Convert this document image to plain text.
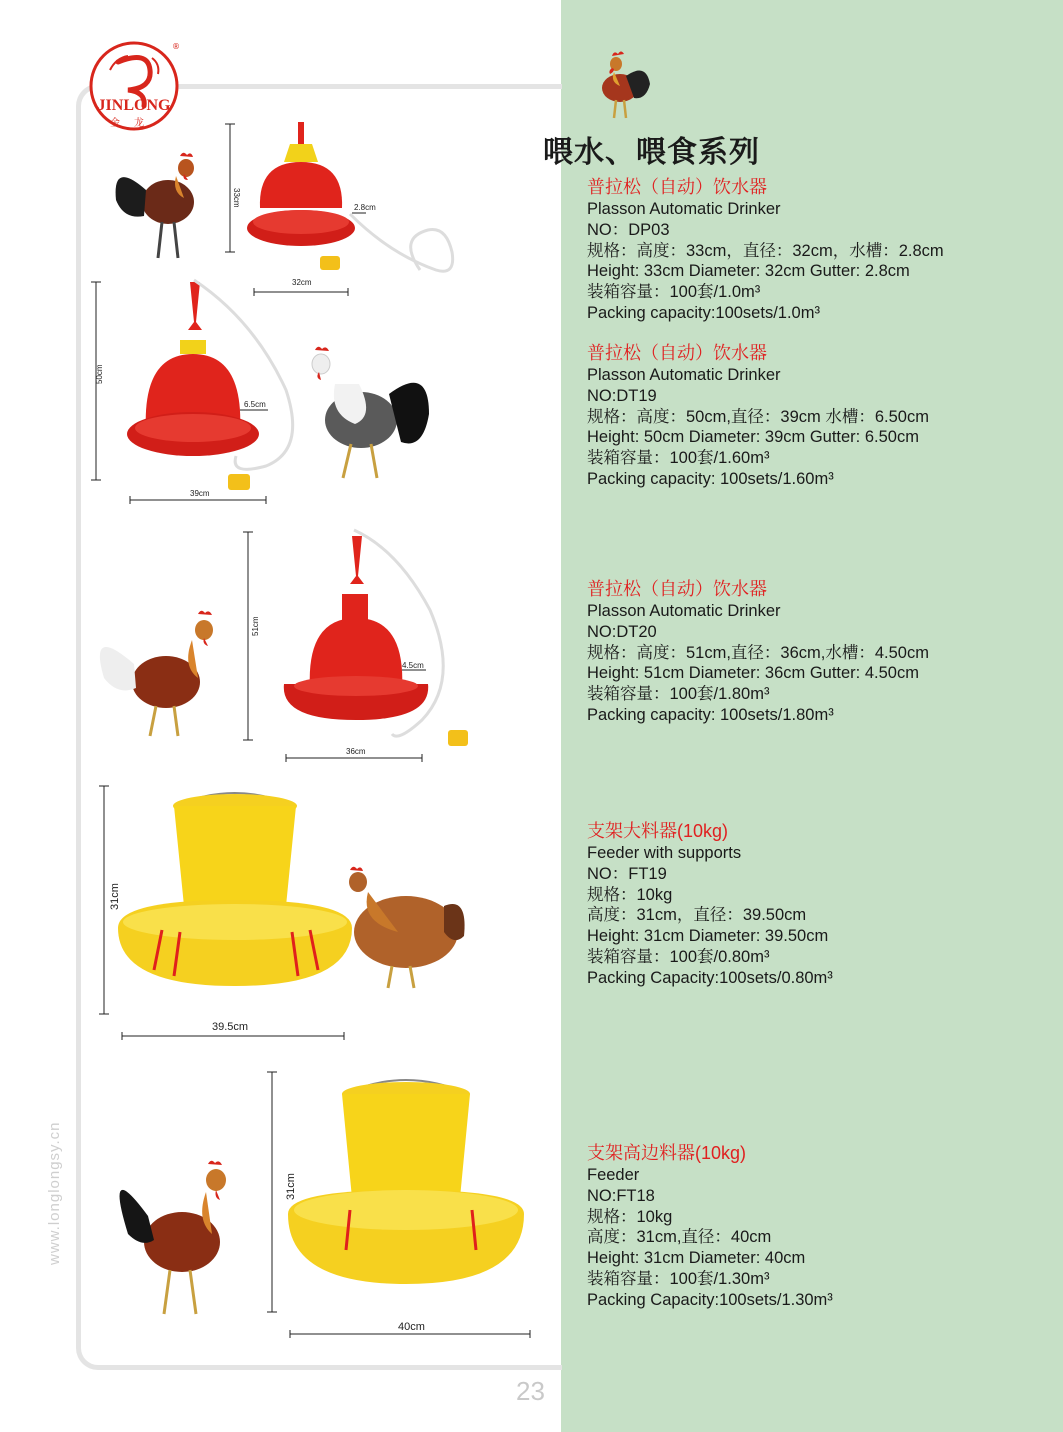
JINLONG
金龙
®
www.longlongsy.cn
23
喂水、喂食系列
普拉松（自动）饮水器
Plasson Automatic Drinker
NO：DP03
规格：高度：33cm，直径：32cm，水槽：2.8cm
Height: 33cm Diameter: 32cm Gutter: 2.8cm
装箱容量：100套/1.0m³
Packing capacity:100sets/1.0m³
普拉松（自动）饮水器
Plasson Automatic Drinker
NO:DT19
规格：高度：50cm,直径：39cm 水槽：6.50cm
Height: 50cm Diameter: 39cm Gutter: 6.50cm
装箱容量：100套/1.60m³
Packing capacity: 100sets/1.60m³
普拉松（自动）饮水器
Plasson Automatic Drinker
NO:DT20
规格：高度：51cm,直径：36cm,水槽：4.50cm
Height: 51cm Diameter: 36cm Gutter: 4.50cm
装箱容量：100套/1.80m³
Packing capacity: 100sets/1.80m³
支架大料器(10kg)
Feeder with supports
NO：FT19
规格：10kg
高度：31cm，直径：39.50cm
Height: 31cm Diameter: 39.50cm
装箱容量：100套/0.80m³
Packing Capacity:100sets/0.80m³
支架高边料器(10kg)
Feeder
NO:FT18
规格：10kg
高度：31cm,直径：40cm
Height: 31cm Diameter: 40cm
装箱容量：100套/1.30m³
Packing Capacity:100sets/1.30m³
33cm	2.8cm
32cm
50cm
6.5cm
39cm
51cm
4.5cm
36cm
31cm
39.5cm
31cm
40cm
